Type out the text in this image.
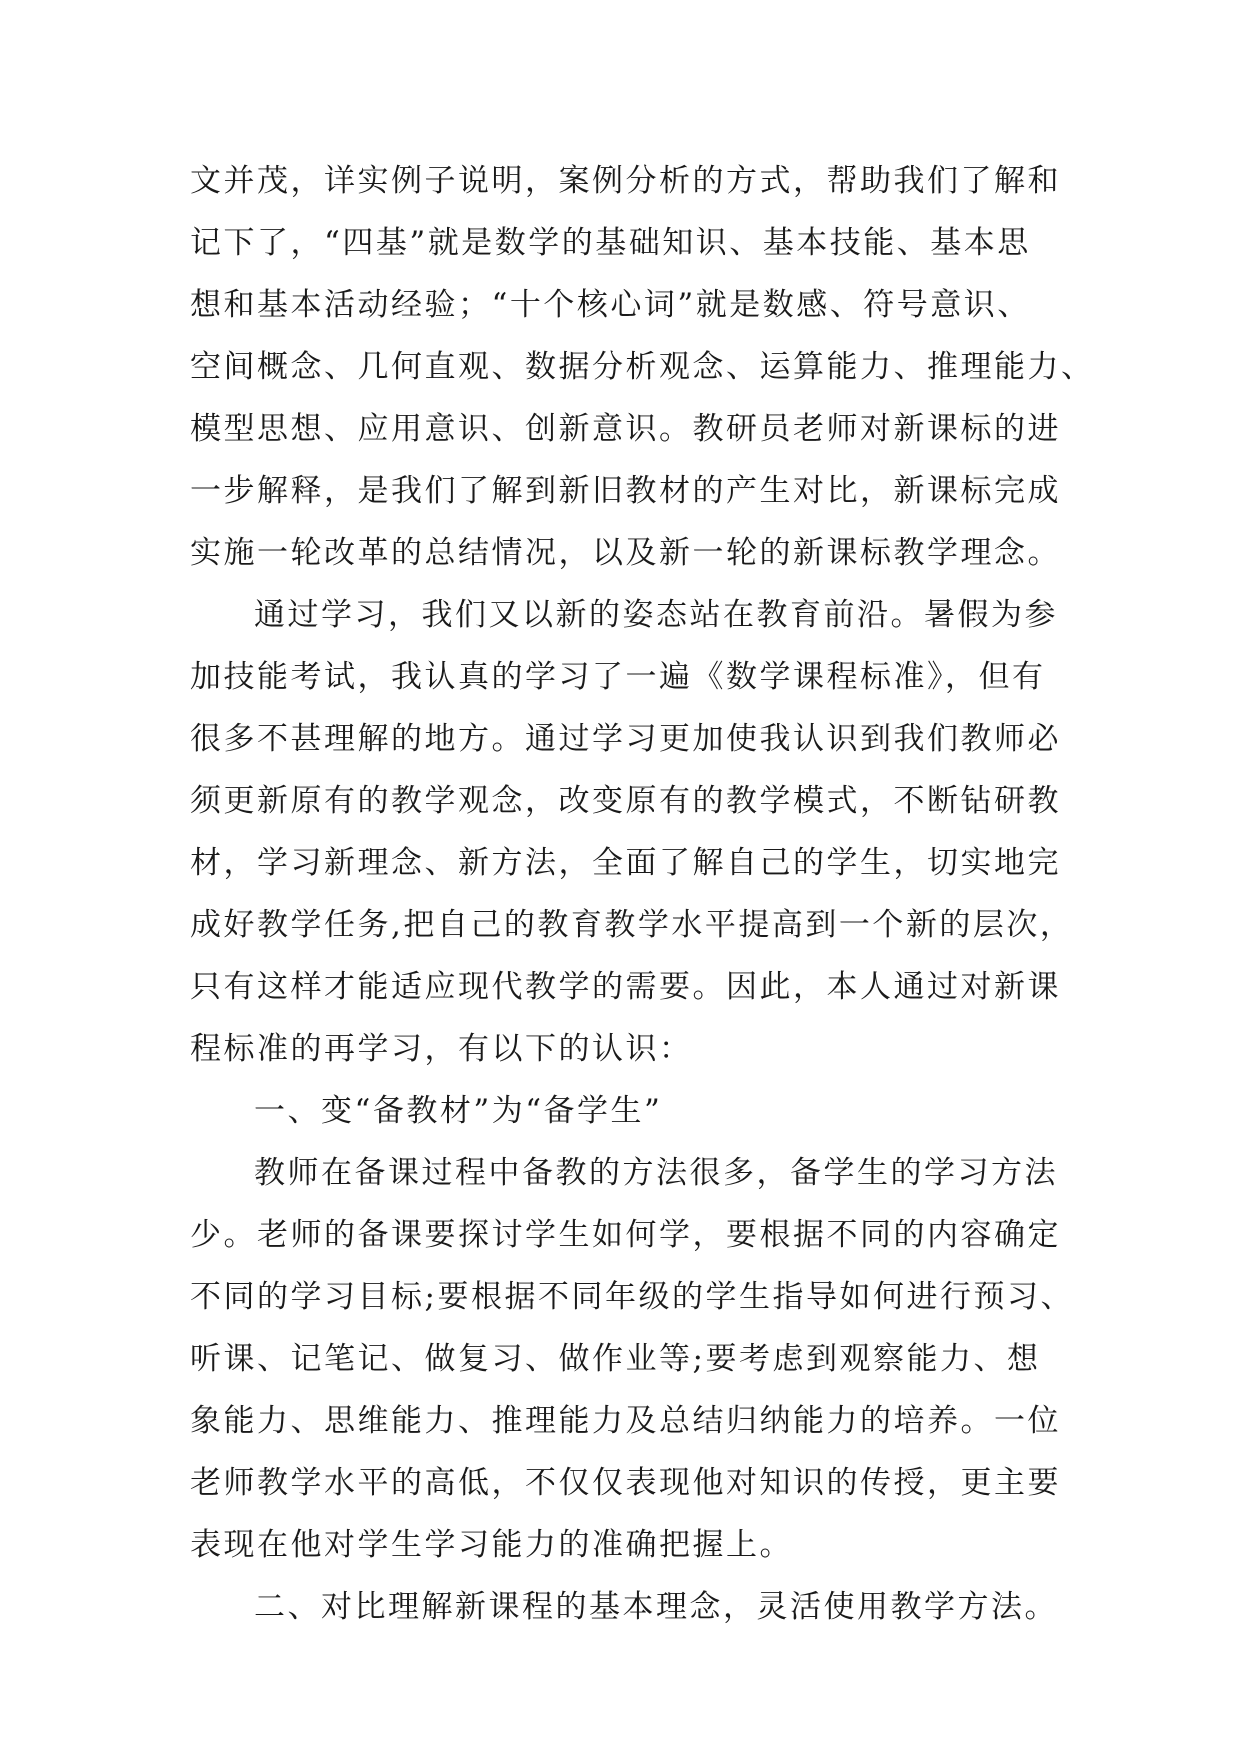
文并茂，详实例子说明，案例分析的方式，帮助我们了解和
记下了，“四基”就是数学的基础知识、基本技能、基本思
想和基本活动经验；“十个核心词”就是数感、符号意识、
空间概念、几何直观、数据分析观念、运算能力、推理能力、
模型思想、应用意识、创新意识。教研员老师对新课标的进
一步解释，是我们了解到新旧教材的产生对比，新课标完成
实施一轮改革的总结情况，以及新一轮的新课标教学理念。
通过学习，我们又以新的姿态站在教育前沿。暑假为参
加技能考试，我认真的学习了一遍《数学课程标准》，但有
很多不甚理解的地方。通过学习更加使我认识到我们教师必
须更新原有的教学观念，改变原有的教学模式，不断钻研教
材，学习新理念、新方法，全面了解自己的学生，切实地完
成好教学任务,把自己的教育教学水平提高到一个新的层次，
只有这样才能适应现代教学的需要。因此，本人通过对新课
程标准的再学习，有以下的认识：
一、变“备教材”为“备学生”
教师在备课过程中备教的方法很多，备学生的学习方法
少。老师的备课要探讨学生如何学，要根据不同的内容确定
不同的学习目标;要根据不同年级的学生指导如何进行预习、
听课、记笔记、做复习、做作业等;要考虑到观察能力、想
象能力、思维能力、推理能力及总结归纳能力的培养。一位
老师教学水平的高低，不仅仅表现他对知识的传授，更主要
表现在他对学生学习能力的准确把握上。
二、对比理解新课程的基本理念，灵活使用教学方法。
